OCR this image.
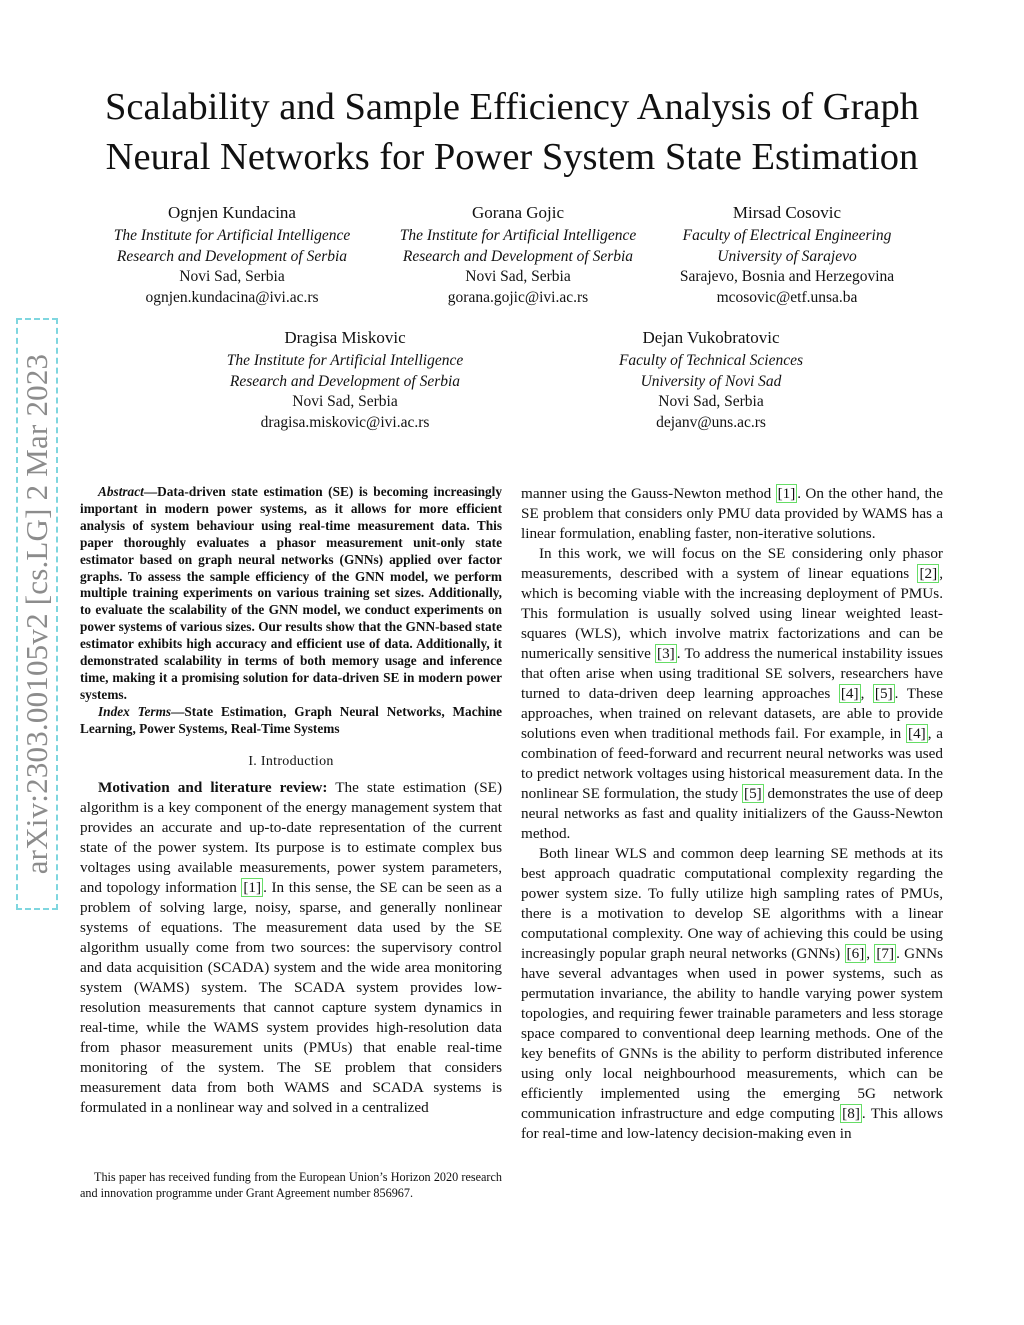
arXiv:2303.00105v2 [cs.LG] 2 Mar 2023
Scalability and Sample Efficiency Analysis of Graph Neural Networks for Power System State Estimation
Ognjen Kundacina
The Institute for Artificial Intelligence
Research and Development of Serbia
Novi Sad, Serbia
ognjen.kundacina@ivi.ac.rs
Gorana Gojic
The Institute for Artificial Intelligence
Research and Development of Serbia
Novi Sad, Serbia
gorana.gojic@ivi.ac.rs
Mirsad Cosovic
Faculty of Electrical Engineering
University of Sarajevo
Sarajevo, Bosnia and Herzegovina
mcosovic@etf.unsa.ba
Dragisa Miskovic
The Institute for Artificial Intelligence
Research and Development of Serbia
Novi Sad, Serbia
dragisa.miskovic@ivi.ac.rs
Dejan Vukobratovic
Faculty of Technical Sciences
University of Novi Sad
Novi Sad, Serbia
dejanv@uns.ac.rs

Abstract—Data-driven state estimation (SE) is becoming increasingly important in modern power systems, as it allows for more efficient analysis of system behaviour using real-time measurement data. This paper thoroughly evaluates a phasor measurement unit-only state estimator based on graph neural networks (GNNs) applied over factor graphs. To assess the sample efficiency of the GNN model, we perform multiple training experiments on various training set sizes. Additionally, to evaluate the scalability of the GNN model, we conduct experiments on power systems of various sizes. Our results show that the GNN-based state estimator exhibits high accuracy and efficient use of data. Additionally, it demonstrated scalability in terms of both memory usage and inference time, making it a promising solution for data-driven SE in modern power systems.

Index Terms—State Estimation, Graph Neural Networks, Machine Learning, Power Systems, Real-Time Systems

I. Introduction

Motivation and literature review: The state estimation (SE) algorithm is a key component of the energy management system that provides an accurate and up-to-date representation of the current state of the power system. Its purpose is to estimate complex bus voltages using available measurements, power system parameters, and topology information [1] . In this sense, the SE can be seen as a problem of solving large, noisy, sparse, and generally nonlinear systems of equations. The measurement data used by the SE algorithm usually come from two sources: the supervisory control and data acquisition (SCADA) system and the wide area monitoring system (WAMS) system. The SCADA system provides low-resolution measurements that cannot capture system dynamics in real-time, while the WAMS system provides high-resolution data from phasor measurement units (PMUs) that enable real-time monitoring of the system. The SE problem that considers measurement data from both WAMS and SCADA systems is formulated in a nonlinear way and solved in a centralized

This paper has received funding from the European Union’s Horizon 2020 research and innovation programme under Grant Agreement number 856967.

manner using the Gauss-Newton method [1] . On the other hand, the SE problem that considers only PMU data provided by WAMS has a linear formulation, enabling faster, non-iterative solutions.

In this work, we will focus on the SE considering only phasor measurements, described with a system of linear equations [2] , which is becoming viable with the increasing deployment of PMUs. This formulation is usually solved using linear weighted least-squares (WLS), which involve matrix factorizations and can be numerically sensitive [3] . To address the numerical instability issues that often arise when using traditional SE solvers, researchers have turned to data-driven deep learning approaches [4] , [5] . These approaches, when trained on relevant datasets, are able to provide solutions even when traditional methods fail. For example, in [4] , a combination of feed-forward and recurrent neural networks was used to predict network voltages using historical measurement data. In the nonlinear SE formulation, the study [5] demonstrates the use of deep neural networks as fast and quality initializers of the Gauss-Newton method.

Both linear WLS and common deep learning SE methods at its best approach quadratic computational complexity regarding the power system size. To fully utilize high sampling rates of PMUs, there is a motivation to develop SE algorithms with a linear computational complexity. One way of achieving this could be using increasingly popular graph neural networks (GNNs) [6] , [7] . GNNs have several advantages when used in power systems, such as permutation invariance, the ability to handle varying power system topologies, and requiring fewer trainable parameters and less storage space compared to conventional deep learning methods. One of the key benefits of GNNs is the ability to perform distributed inference using only local neighbourhood measurements, which can be efficiently implemented using the emerging 5G network communication infrastructure and edge computing [8] . This allows for real-time and low-latency decision-making even in
